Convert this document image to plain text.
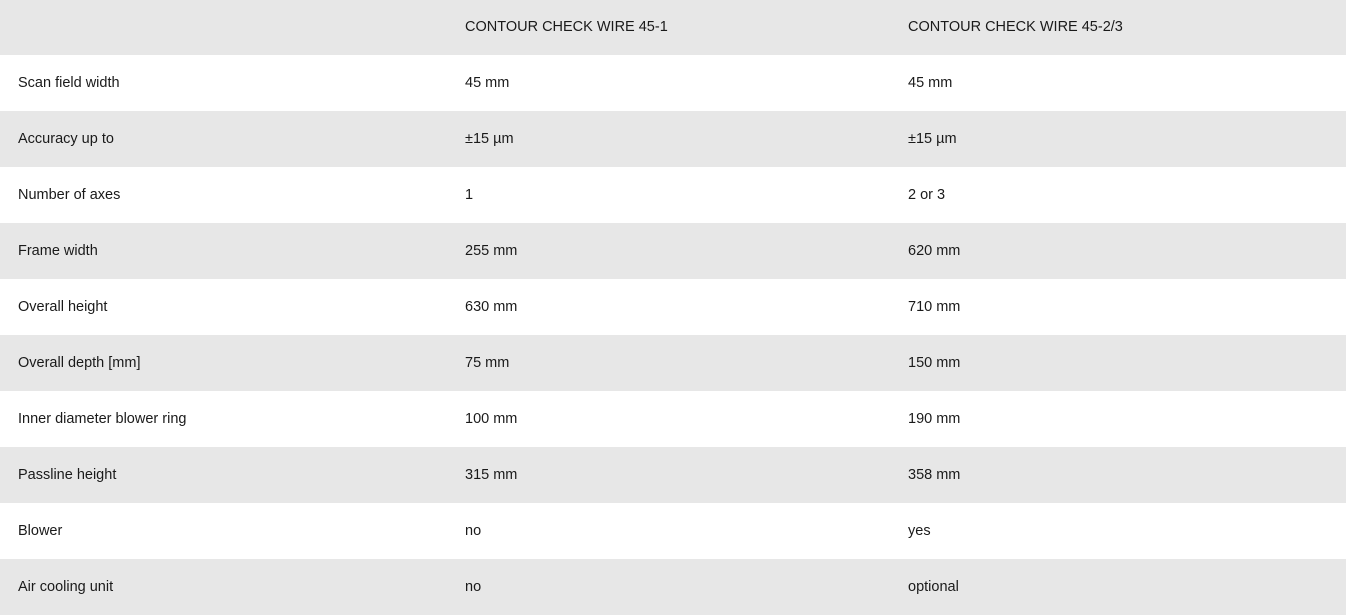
	CONTOUR CHECK WIRE 45-1	CONTOUR CHECK WIRE 45-2/3
Scan field width	45 mm	45 mm
Accuracy up to	±15 µm	±15 µm
Number of axes	1	2 or 3
Frame width	255 mm	620 mm
Overall height	630 mm	710 mm
Overall depth [mm]	75 mm	150 mm
Inner diameter blower ring	100 mm	190 mm
Passline height	315 mm	358 mm
Blower	no	yes
Air cooling unit	no	optional
